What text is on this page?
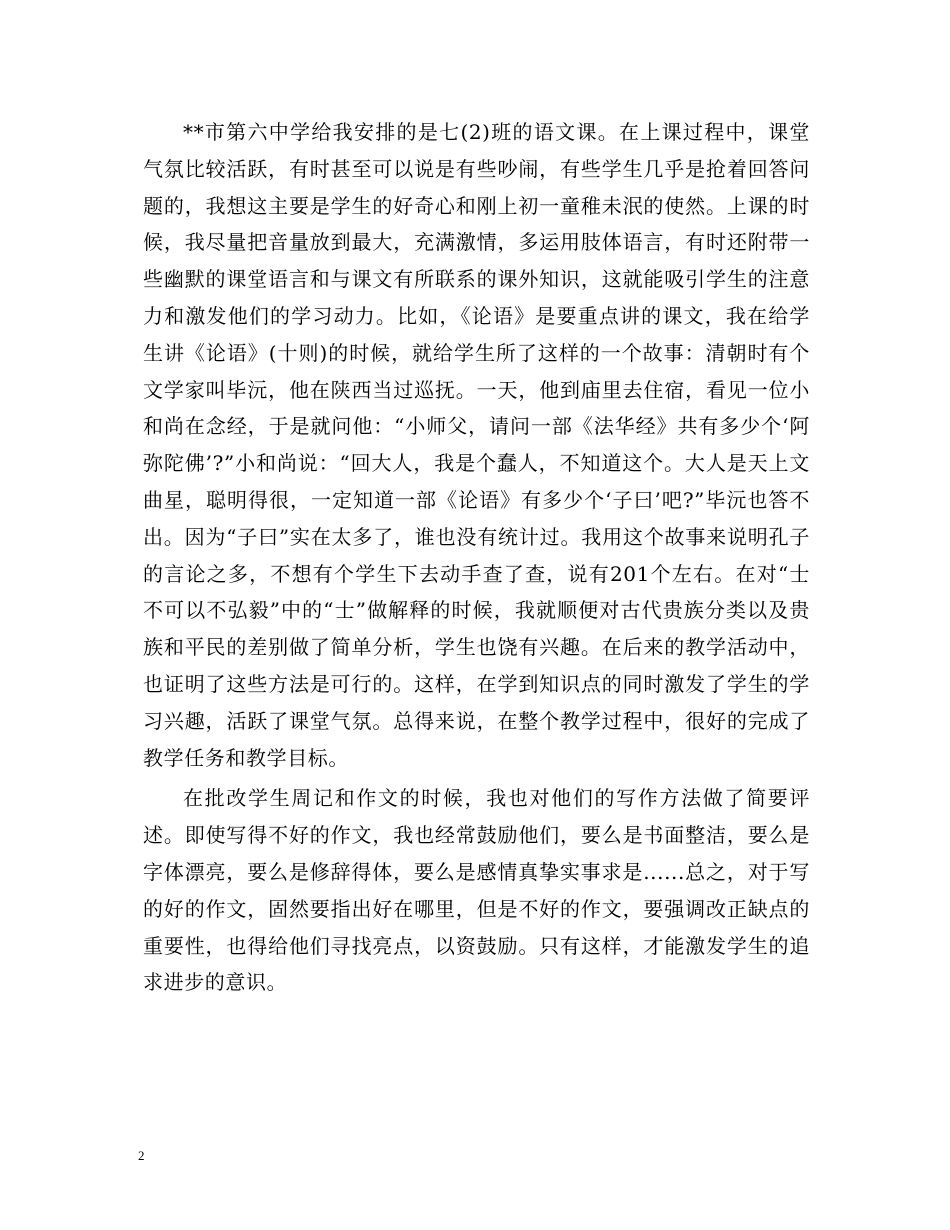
**市第六中学给我安排的是七(2)班的语文课。在上课过程中，课堂气氛比较活跃，有时甚至可以说是有些吵闹，有些学生几乎是抢着回答问题的，我想这主要是学生的好奇心和刚上初一童稚未泯的使然。上课的时候，我尽量把音量放到最大，充满激情，多运用肢体语言，有时还附带一些幽默的课堂语言和与课文有所联系的课外知识，这就能吸引学生的注意力和激发他们的学习动力。比如，《论语》是要重点讲的课文，我在给学生讲《论语》(十则)的时候，就给学生所了这样的一个故事：清朝时有个文学家叫毕沅，他在陕西当过巡抚。一天，他到庙里去住宿，看见一位小和尚在念经，于是就问他：“小师父，请问一部《法华经》共有多少个‘阿弥陀佛’?”小和尚说：“回大人，我是个蠢人，不知道这个。大人是天上文曲星，聪明得很，一定知道一部《论语》有多少个‘子曰’吧?”毕沅也答不出。因为“子曰”实在太多了，谁也没有统计过。我用这个故事来说明孔子的言论之多，不想有个学生下去动手查了查，说有201个左右。在对“士不可以不弘毅”中的“士”做解释的时候，我就顺便对古代贵族分类以及贵族和平民的差别做了简单分析，学生也饶有兴趣。在后来的教学活动中，也证明了这些方法是可行的。这样，在学到知识点的同时激发了学生的学习兴趣，活跃了课堂气氛。总得来说，在整个教学过程中，很好的完成了教学任务和教学目标。

在批改学生周记和作文的时候，我也对他们的写作方法做了简要评述。即使写得不好的作文，我也经常鼓励他们，要么是书面整洁，要么是字体漂亮，要么是修辞得体，要么是感情真挚实事求是......总之，对于写的好的作文，固然要指出好在哪里，但是不好的作文，要强调改正缺点的重要性，也得给他们寻找亮点，以资鼓励。只有这样，才能激发学生的追求进步的意识。

2
